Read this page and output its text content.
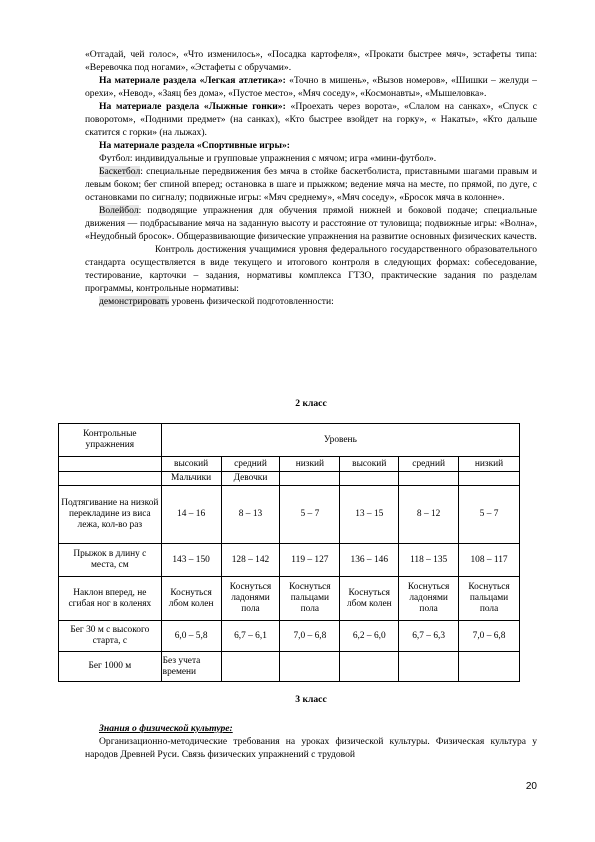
«Отгадай, чей голос», «Что изменилось», «Посадка картофеля», «Прокати быстрее мяч», эстафеты типа: «Веревочка под ногами», «Эстафеты с обручами».

На материале раздела «Легкая атлетика»: «Точно в мишень», «Вызов номеров», «Шишки – желуди – орехи», «Невод», «Заяц без дома», «Пустое место», «Мяч соседу», «Космонавты», «Мышеловка».

На материале раздела «Лыжные гонки»: «Проехать через ворота», «Слалом на санках», «Спуск с поворотом», «Подними предмет» (на санках), «Кто быстрее взойдет на горку», « Накаты», «Кто дальше скатится с горки» (на лыжах).

На материале раздела «Спортивные игры»:

Футбол: индивидуальные и групповые упражнения с мячом; игра «мини-футбол».

Баскетбол: специальные передвижения без мяча в стойке баскетболиста, приставными шагами правым и левым боком; бег спиной вперед; остановка в шаге и прыжком; ведение мяча на месте, по прямой, по дуге, с остановками по сигналу; подвижные игры: «Мяч среднему», «Мяч соседу», «Бросок мяча в колонне».

Волейбол: подводящие упражнения для обучения прямой нижней и боковой подаче; специальные движения — подбрасывание мяча на заданную высоту и расстояние от туловища; подвижные игры: «Волна», «Неудобный бросок». Общеразвивающие физические упражнения на развитие основных физических качеств.

Контроль достижения учащимися уровня федерального государственного образовательного стандарта осуществляется в виде текущего и итогового контроля в следующих формах: собеседование, тестирование, карточки – задания, нормативы комплекса ГТЗО, практические задания по разделам программы, контрольные нормативы:

демонстрировать уровень физической подготовленности:

2 класс
Контрольные упражнения	Уровень					
	высокий	средний	низкий	высокий	средний	низкий
	Мальчики	Девочки				
Подтягивание на низкой перекладине из виса лежа, кол-во раз	14 – 16	8 – 13	5 – 7	13 – 15	8 – 12	5 – 7
Прыжок в длину с места, см	143 – 150	128 – 142	119 – 127	136 – 146	118 – 135	108 – 117
Наклон вперед, не сгибая ног в коленях	Коснуться лбом колен	Коснуться ладонями пола	Коснуться пальцами пола	Коснуться лбом колен	Коснуться ладонями пола	Коснуться пальцами пола
Бег 30 м с высокого старта, с	6,0 – 5,8	6,7 – 6,1	7,0 – 6,8	6,2 – 6,0	6,7 – 6,3	7,0 – 6,8
Бег 1000 м	Без учета времени					
3 класс

Знания о физической культуре:

Организационно-методические требования на уроках физической культуры. Физическая культура у народов Древней Руси. Связь физических упражнений с трудовой

20
